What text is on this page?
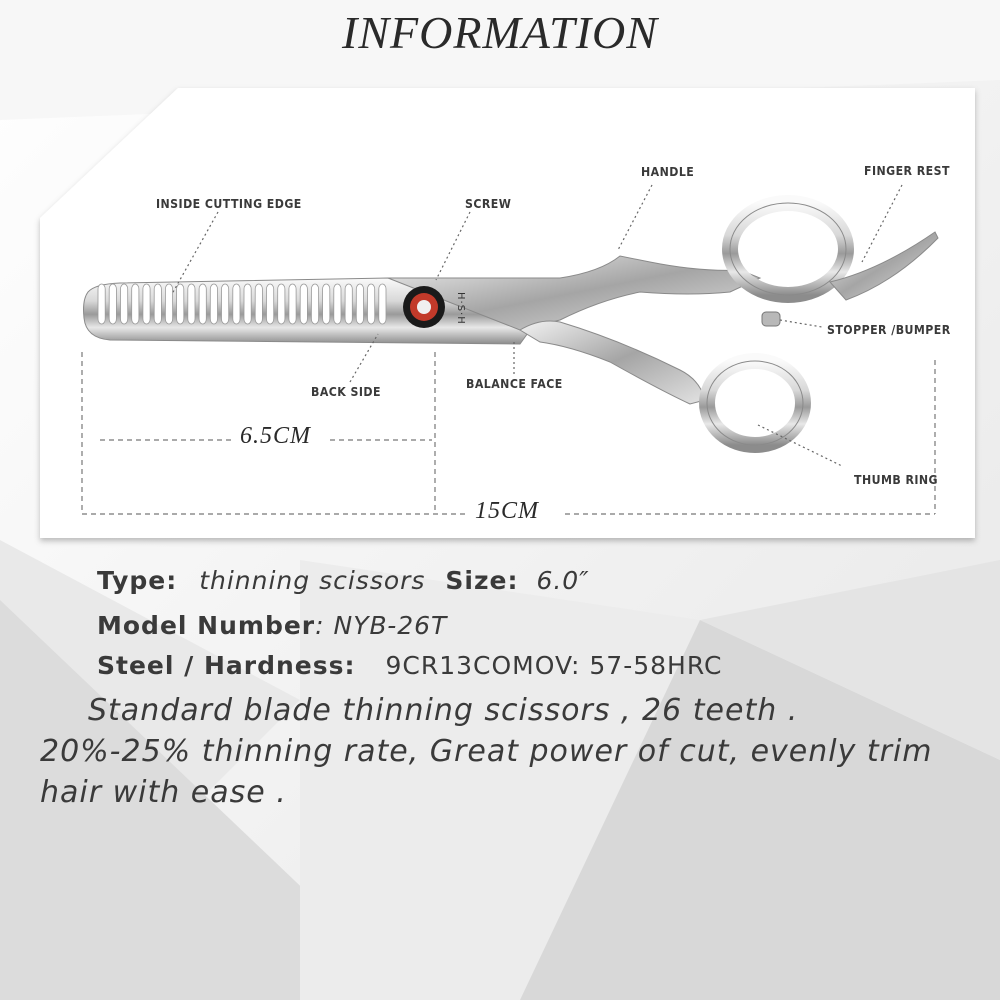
INFORMATION
H·S·H
INSIDE CUTTING EDGE	SCREW
HANDLE	FINGER REST
STOPPER /BUMPER
BACK SIDE
BALANCE FACE
THUMB RING
6.5CM
15CM
Type: thinning scissors Size: 6.0″
Model Number: NYB-26T
Steel / Hardness: 9CR13COMOV: 57-58HRC
Standard blade thinning scissors , 26 teeth .
20%-25% thinning rate, Great power of cut, evenly trim hair with ease .
